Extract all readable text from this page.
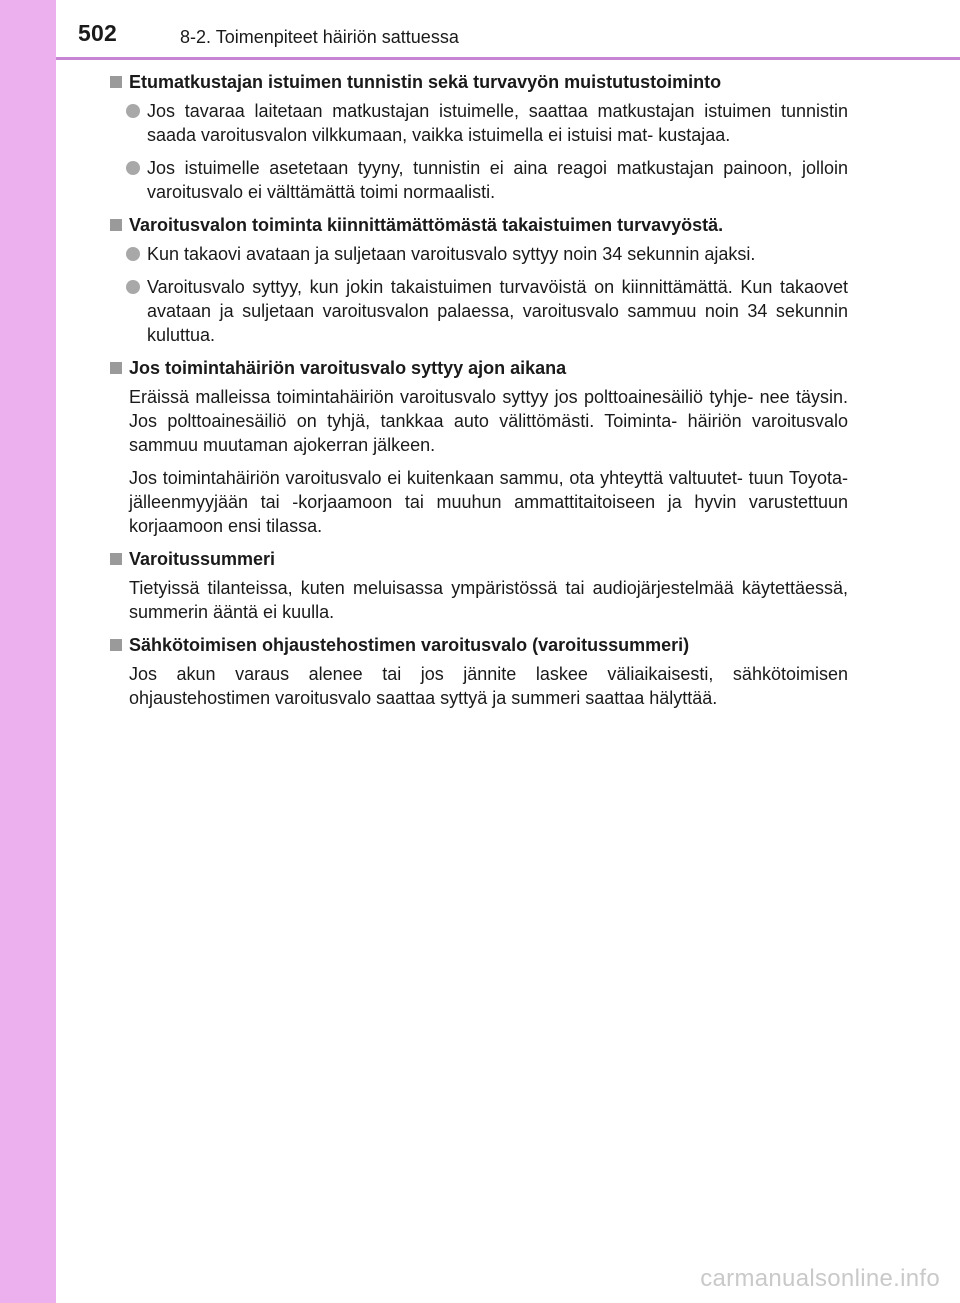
502	8-2. Toimenpiteet häiriön sattuessa
Etumatkustajan istuimen tunnistin sekä turvavyön muistutustoiminto
Jos tavaraa laitetaan matkustajan istuimelle, saattaa matkustajan istuimen tunnistin saada varoitusvalon vilkkumaan, vaikka istuimella ei istuisi mat- kustajaa.
Jos istuimelle asetetaan tyyny, tunnistin ei aina reagoi matkustajan painoon, jolloin varoitusvalo ei välttämättä toimi normaalisti.
Varoitusvalon toiminta kiinnittämättömästä takaistuimen turvavyöstä.
Kun takaovi avataan ja suljetaan varoitusvalo syttyy noin 34 sekunnin ajaksi.
Varoitusvalo syttyy, kun jokin takaistuimen turvavöistä on kiinnittämättä. Kun takaovet avataan ja suljetaan varoitusvalon palaessa, varoitusvalo sammuu noin 34 sekunnin kuluttua.
Jos toimintahäiriön varoitusvalo syttyy ajon aikana
Eräissä malleissa toimintahäiriön varoitusvalo syttyy jos polttoainesäiliö tyhje- nee täysin. Jos polttoainesäiliö on tyhjä, tankkaa auto välittömästi. Toiminta- häiriön varoitusvalo sammuu muutaman ajokerran jälkeen.
Jos toimintahäiriön varoitusvalo ei kuitenkaan sammu, ota yhteyttä valtuutet- tuun Toyota-jälleenmyyjään tai -korjaamoon tai muuhun ammattitaitoiseen ja hyvin varustettuun korjaamoon ensi tilassa.
Varoitussummeri
Tietyissä tilanteissa, kuten meluisassa ympäristössä tai audiojärjestelmää käytettäessä, summerin ääntä ei kuulla.
Sähkötoimisen ohjaustehostimen varoitusvalo (varoitussummeri)
Jos akun varaus alenee tai jos jännite laskee väliaikaisesti, sähkötoimisen ohjaustehostimen varoitusvalo saattaa syttyä ja summeri saattaa hälyttää.
carmanualsonline.info
